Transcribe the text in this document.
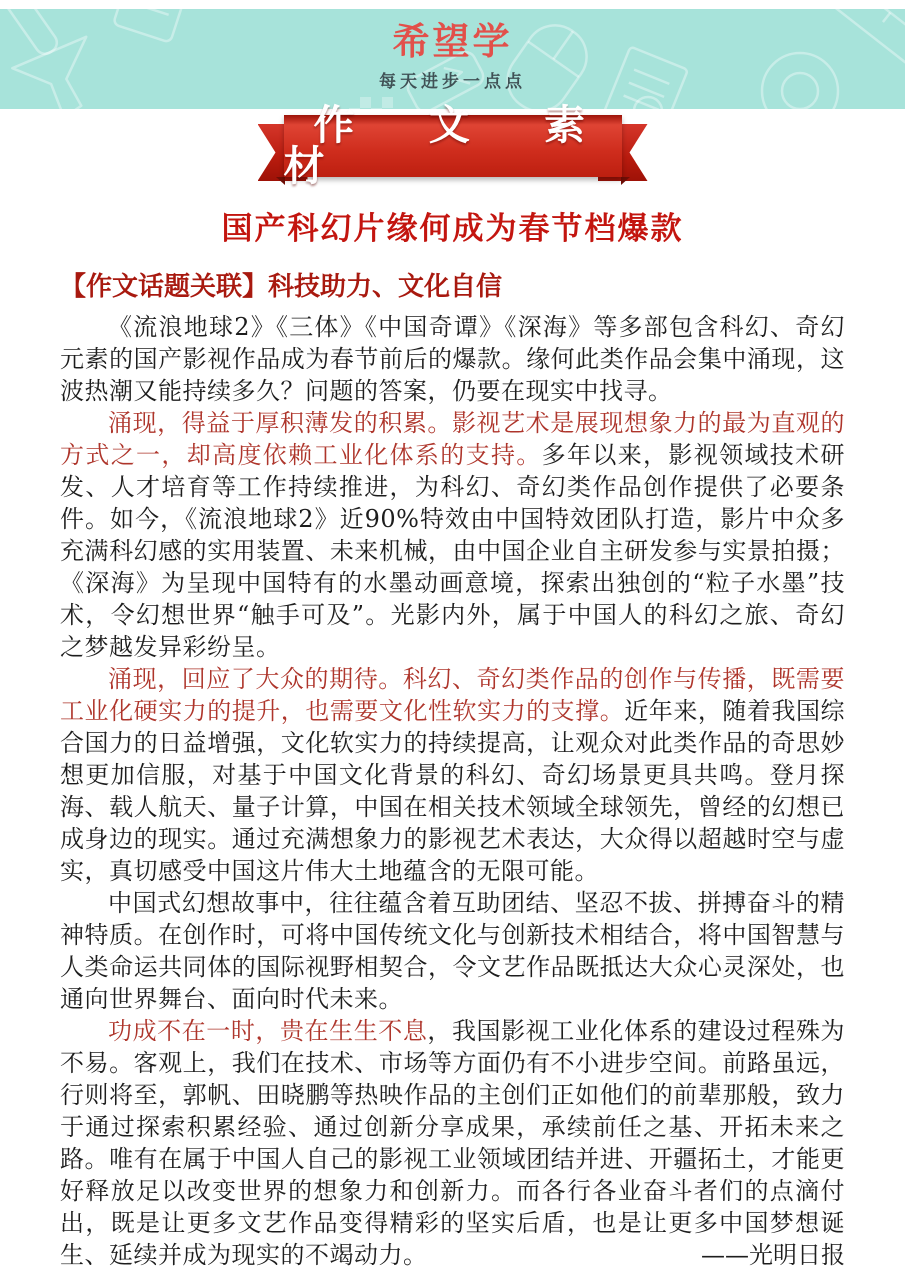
希望学
每天进步一点点
作 文 素 材
国产科幻片缘何成为春节档爆款
【作文话题关联】科技助力、文化自信

《流浪地球2》《三体》《中国奇谭》《深海》等多部包含科幻、奇幻元素的国产影视作品成为春节前后的爆款。缘何此类作品会集中涌现，这波热潮又能持续多久？问题的答案，仍要在现实中找寻。

涌现，得益于厚积薄发的积累。影视艺术是展现想象力的最为直观的方式之一，却高度依赖工业化体系的支持。多年以来，影视领域技术研发、人才培育等工作持续推进，为科幻、奇幻类作品创作提供了必要条件。如今，《流浪地球2》近90%特效由中国特效团队打造，影片中众多充满科幻感的实用装置、未来机械，由中国企业自主研发参与实景拍摄；《深海》为呈现中国特有的水墨动画意境，探索出独创的“粒子水墨”技术，令幻想世界“触手可及”。光影内外，属于中国人的科幻之旅、奇幻之梦越发异彩纷呈。

涌现，回应了大众的期待。科幻、奇幻类作品的创作与传播，既需要工业化硬实力的提升，也需要文化性软实力的支撑。近年来，随着我国综合国力的日益增强，文化软实力的持续提高，让观众对此类作品的奇思妙想更加信服，对基于中国文化背景的科幻、奇幻场景更具共鸣。登月探海、载人航天、量子计算，中国在相关技术领域全球领先，曾经的幻想已成身边的现实。通过充满想象力的影视艺术表达，大众得以超越时空与虚实，真切感受中国这片伟大土地蕴含的无限可能。

中国式幻想故事中，往往蕴含着互助团结、坚忍不拔、拼搏奋斗的精神特质。在创作时，可将中国传统文化与创新技术相结合，将中国智慧与人类命运共同体的国际视野相契合，令文艺作品既抵达大众心灵深处，也通向世界舞台、面向时代未来。

功成不在一时，贵在生生不息，我国影视工业化体系的建设过程殊为不易。客观上，我们在技术、市场等方面仍有不小进步空间。前路虽远，行则将至，郭帆、田晓鹏等热映作品的主创们正如他们的前辈那般，致力于通过探索积累经验、通过创新分享成果，承续前任之基、开拓未来之路。唯有在属于中国人自己的影视工业领域团结并进、开疆拓土，才能更好释放足以改变世界的想象力和创新力。而各行各业奋斗者们的点滴付出，既是让更多文艺作品变得精彩的坚实后盾，也是让更多中国梦想诞生、延续并成为现实的不竭动力。	——光明日报
